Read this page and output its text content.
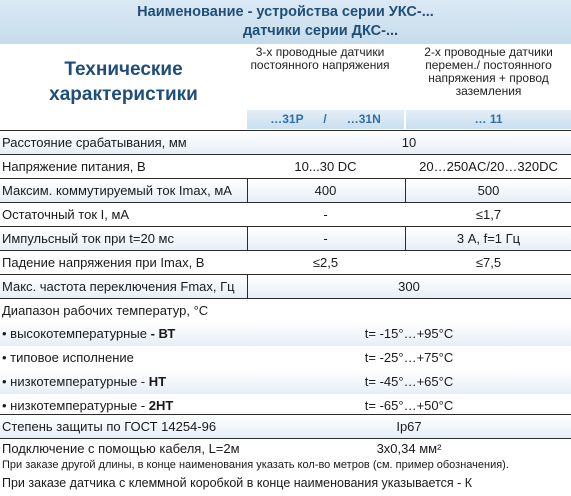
Наименование - устройства серии УКС-...
датчики серии ДКС-...
Технические
характеристики
3-х проводные датчики постоянного напряжения
2-х проводные датчики перемен./ постоянного напряжения + провод заземления
…31P      /      …31N	… 11
Расстояние срабатывания, мм	10
Напряжение питания, В	10...30 DC	20…250AC/20…320DC
Максим. коммутируемый ток Imax, мА	400	500
Остаточный ток I, мА	-	≤1,7
Импульсный ток при t=20 мс	-	3 А, f=1 Гц
Падение напряжения при Imax, В	≤2,5	≤7,5
Макс. частота переключения Fmax, Гц	300
Диапазон рабочих температур, °С
• высокотемпературные - ВТ	t= -15°…+95°С
• типовое исполнение	t= -25°…+75°С
• низкотемпературные - НТ	t= -45°…+65°С
• низкотемпературные - 2НТ	t= -65°…+50°С
Степень защиты по ГОСТ 14254-96	Ip67
Подключение с помощью кабеля, L=2м	3х0,34 мм²
При заказе другой длины, в конце наименования указать кол-во метров (см. пример обозначения).
При заказе датчика с клеммной коробкой в конце наименования указывается - К
